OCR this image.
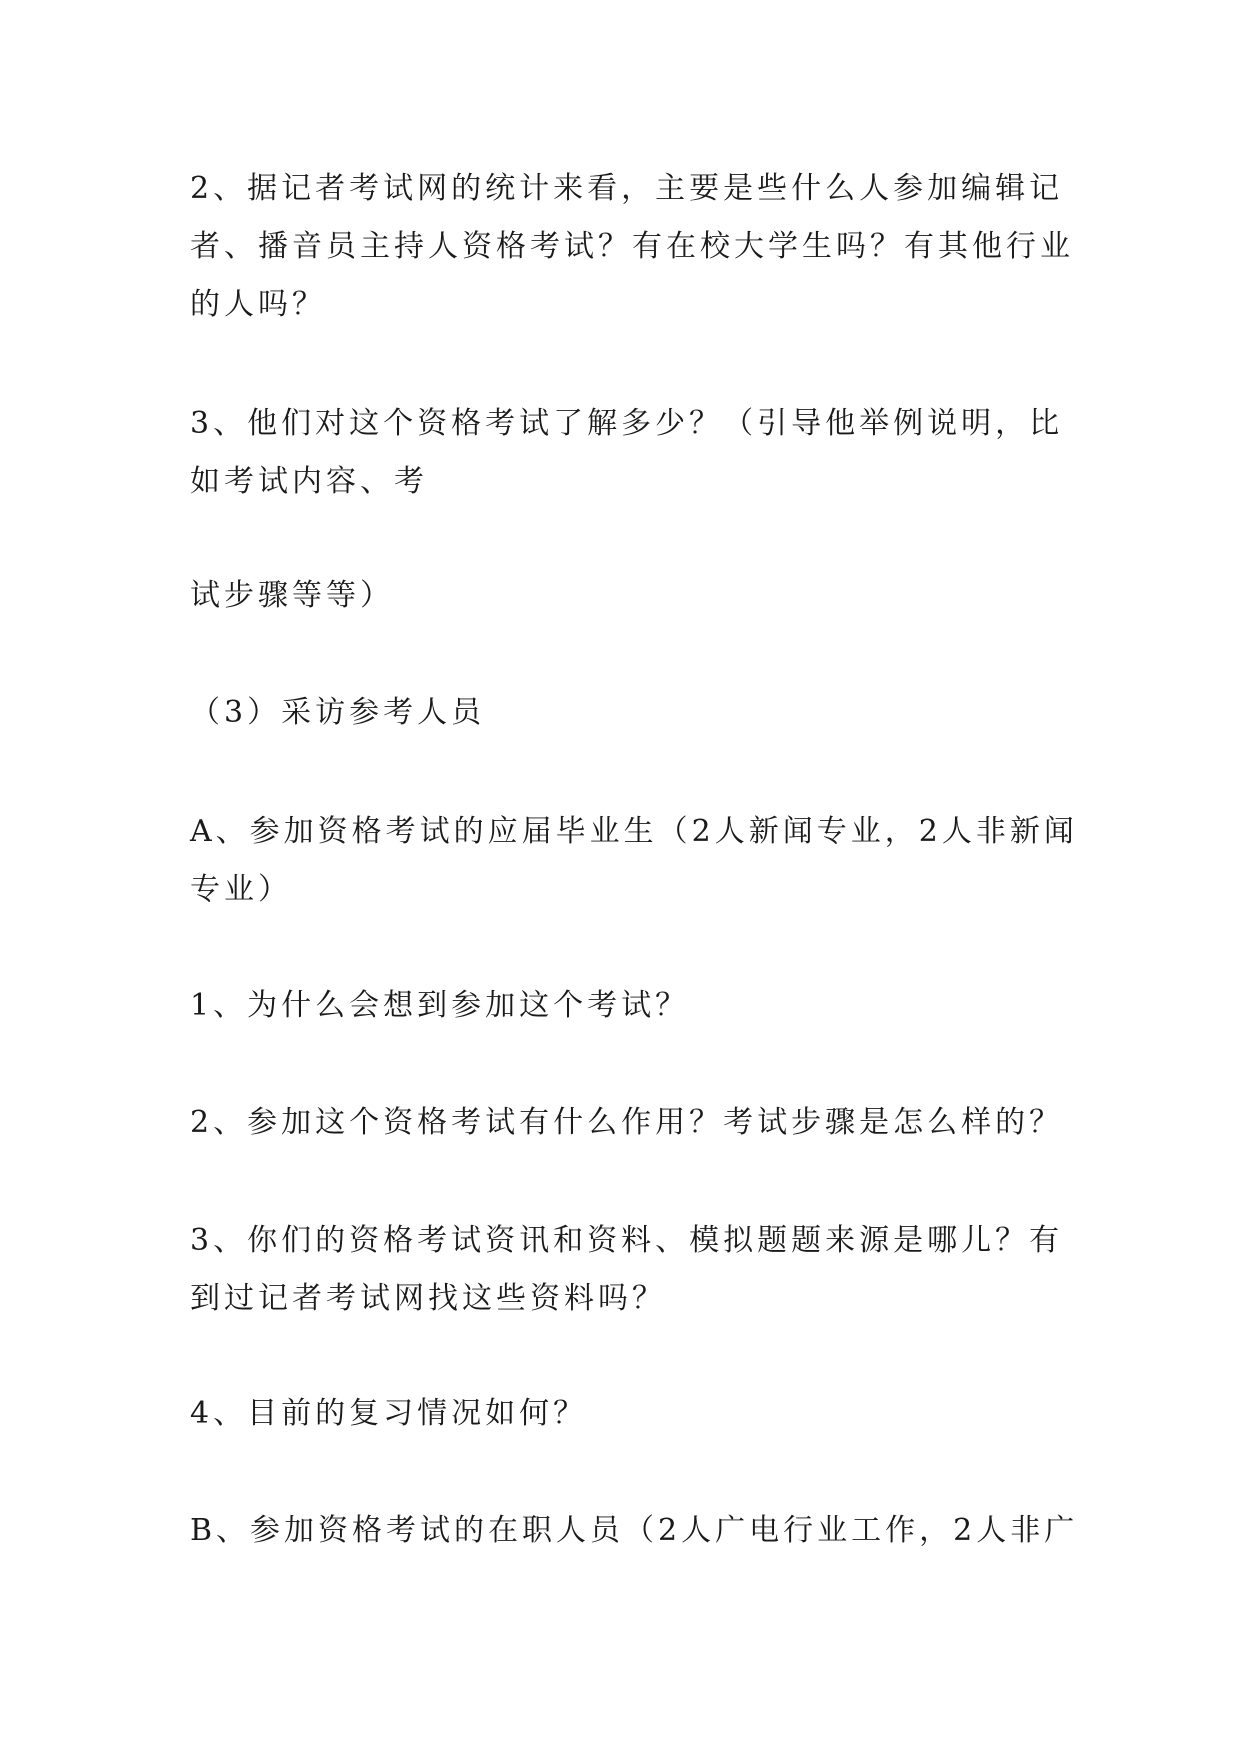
2、据记者考试网的统计来看，主要是些什么人参加编辑记
者、播音员主持人资格考试？有在校大学生吗？有其他行业
的人吗？

3、他们对这个资格考试了解多少？（引导他举例说明，比
如考试内容、考

试步骤等等）

（3）采访参考人员

A、参加资格考试的应届毕业生（2人新闻专业，2人非新闻
专业）

1、为什么会想到参加这个考试？

2、参加这个资格考试有什么作用？考试步骤是怎么样的？

3、你们的资格考试资讯和资料、模拟题题来源是哪儿？有
到过记者考试网找这些资料吗？

4、目前的复习情况如何？

B、参加资格考试的在职人员（2人广电行业工作，2人非广
